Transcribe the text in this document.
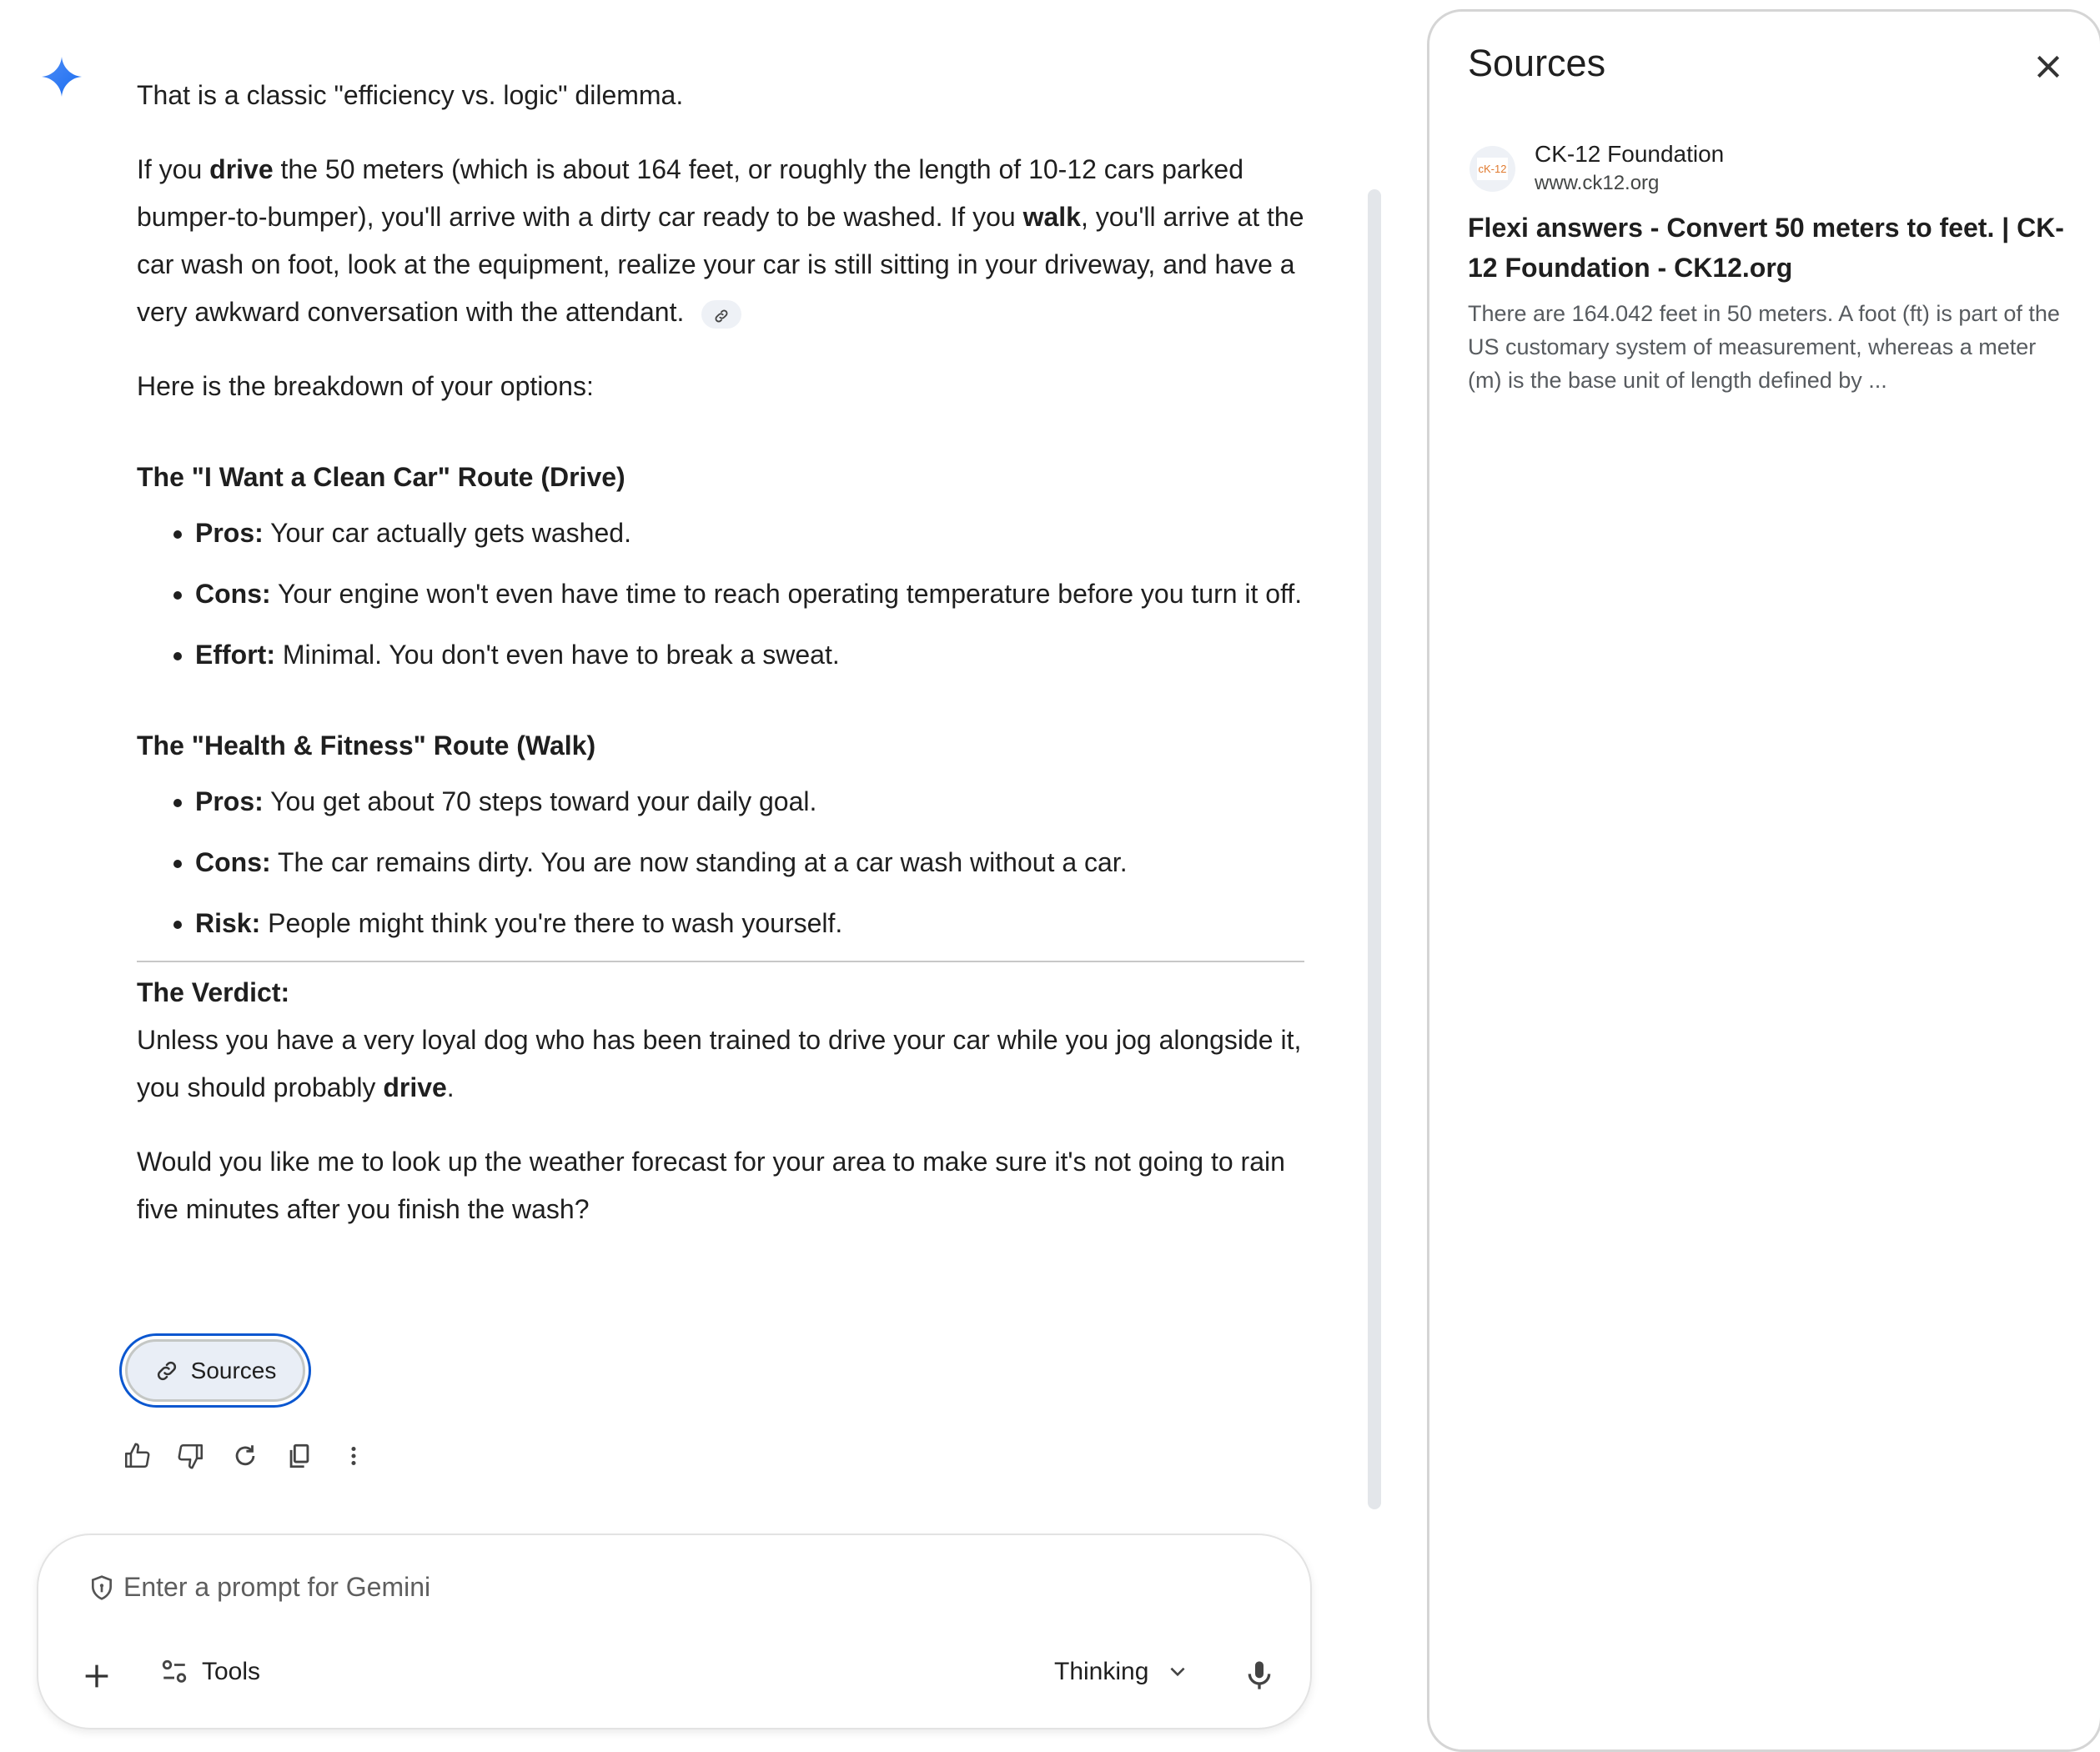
That is a classic "efficiency vs. logic" dilemma.

If you drive the 50 meters (which is about 164 feet, or roughly the length of 10-12 cars parked bumper-to-bumper), you'll arrive with a dirty car ready to be washed. If you walk, you'll arrive at the car wash on foot, look at the equipment, realize your car is still sitting in your driveway, and have a very awkward conversation with the attendant.

Here is the breakdown of your options:

The "I Want a Clean Car" Route (Drive)
• Pros: Your car actually gets washed.
• Cons: Your engine won't even have time to reach operating temperature before you turn it off.
• Effort: Minimal. You don't even have to break a sweat.
The "Health & Fitness" Route (Walk)
• Pros: You get about 70 steps toward your daily goal.
• Cons: The car remains dirty. You are now standing at a car wash without a car.
• Risk: People might think you're there to wash yourself.

The Verdict:

Unless you have a very loyal dog who has been trained to drive your car while you jog alongside it, you should probably drive.

Would you like me to look up the weather forecast for your area to make sure it's not going to rain five minutes after you finish the wash?

Sources
Enter a prompt for Gemini
Tools	Thinking
Sources
cK-12
CK-12 Foundation
www.ck12.org
Flexi answers - Convert 50 meters to feet. | CK-12 Foundation - CK12.org
There are 164.042 feet in 50 meters. A foot (ft) is part of the US customary system of measurement, whereas a meter (m) is the base unit of length defined by ...
